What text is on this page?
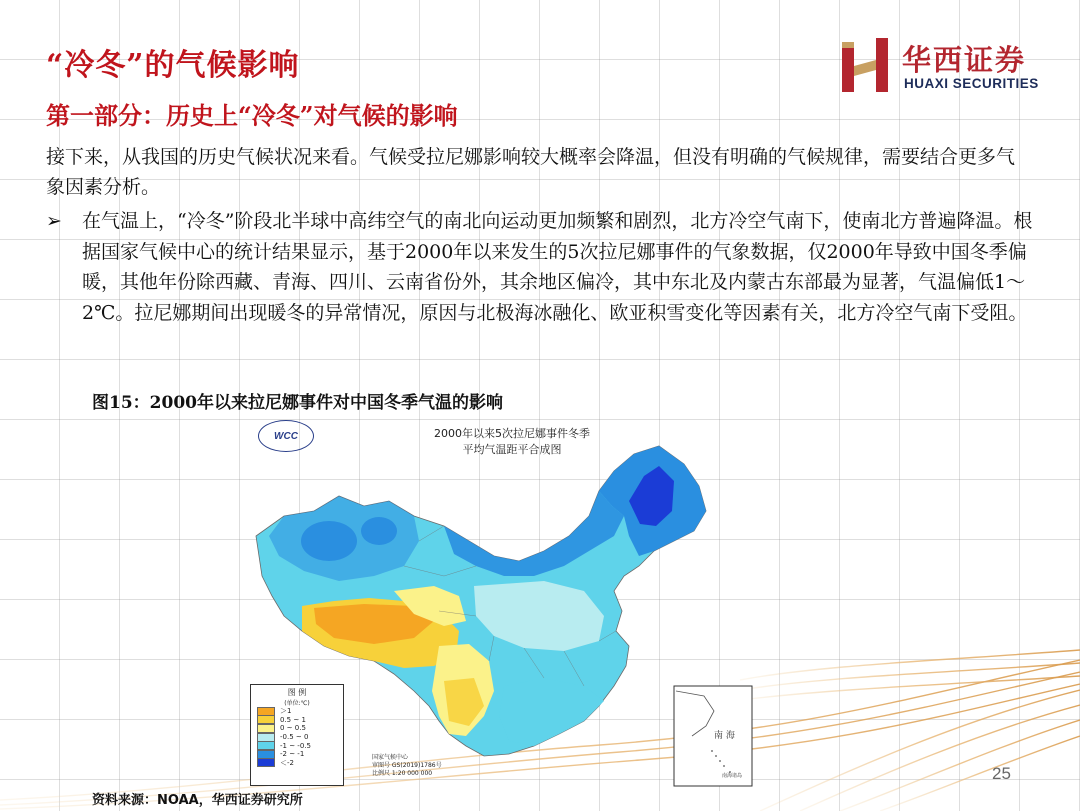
“冷冬”的气候影响	华西证券
HUAXI SECURITIES
第一部分：历史上“冷冬”对气候的影响
接下来，从我国的历史气候状况来看。气候受拉尼娜影响较大概率会降温，但没有明确的气候规律，需要结合更多气象因素分析。
➢ 在气温上，“冷冬”阶段北半球中高纬空气的南北向运动更加频繁和剧烈，北方冷空气南下，使南北方普遍降温。根据国家气候中心的统计结果显示，基于2000年以来发生的5次拉尼娜事件的气象数据，仅2000年导致中国冬季偏暖，其他年份除西藏、青海、四川、云南省份外，其余地区偏冷，其中东北及内蒙古东部最为显著，气温偏低1～2℃。拉尼娜期间出现暖冬的异常情况，原因与北极海冰融化、欧亚积雪变化等因素有关，北方冷空气南下受阻。
图15：2000年以来拉尼娜事件对中国冬季气温的影响
WCC	2000年以来5次拉尼娜事件冬季
平均气温距平合成图
图 例
(单位:℃)
＞1
0.5 ~ 1
0 ~ 0.5
-0.5 ~ 0
-1 ~ -0.5
-2 ~ -1
＜-2
国家气候中心
审图号 GS(2019)1786号
比例尺 1:20 000 000
南 海
南海诸岛	25
资料来源：NOAA，华西证券研究所
